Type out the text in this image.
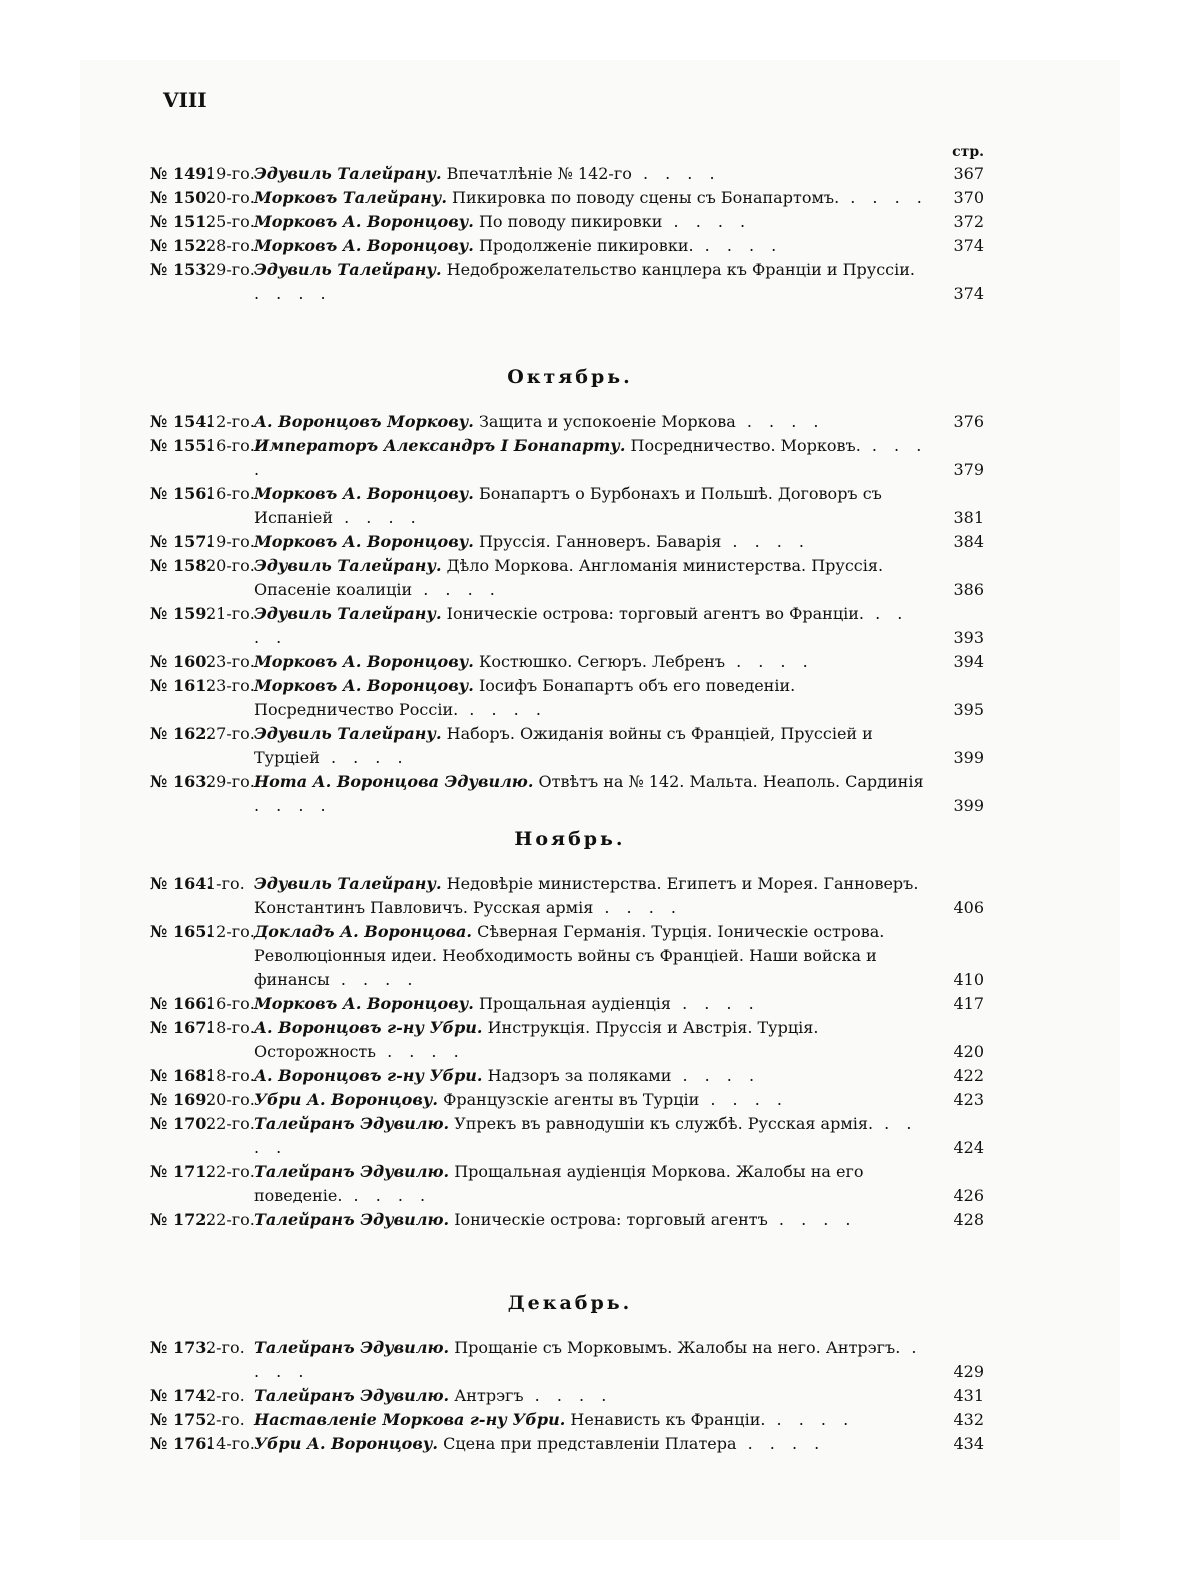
VIII
стр.
№ 149.
19-го. Эдувиль Талейрану. Впечатлѣніе № 142-го . . . .	367
№ 150.
20-го. Морковъ Талейрану. Пикировка по поводу сцены съ Бонапартомъ. . . . .	370
№ 151.
25-го. Морковъ А. Воронцову. По поводу пикировки . . . .	372
№ 152.
28-го. Морковъ А. Воронцову. Продолженіе пикировки. . . . .	374
№ 153.
29-го. Эдувиль Талейрану. Недоброжелательство канцлера къ Франціи и Пруссіи. . . . .	374
Октябрь.
№ 154.
12-го. А. Воронцовъ Моркову. Защита и успокоеніе Моркова . . . .	376
№ 155.
16-го. Императоръ Александръ I Бонапарту. Посредничество. Морковъ. . . . .	379
№ 156.
16-го. Морковъ А. Воронцову. Бонапартъ о Бурбонахъ и Польшѣ. Договоръ съ Испаніей . . . .	381
№ 157.
19-го. Морковъ А. Воронцову. Пруссія. Ганноверъ. Баварія . . . .	384
№ 158.
20-го. Эдувиль Талейрану. Дѣло Моркова. Англоманія министерства. Пруссія. Опасеніе коалиціи . . . .	386
№ 159.
21-го. Эдувиль Талейрану. Іоническіе острова: торговый агентъ во Франціи. . . . .	393
№ 160.
23-го. Морковъ А. Воронцову. Костюшко. Сегюръ. Лебренъ . . . .	394
№ 161.
23-го. Морковъ А. Воронцову. Іосифъ Бонапартъ объ его поведеніи. Посредничество Россіи. . . . .	395
№ 162.
27-го. Эдувиль Талейрану. Наборъ. Ожиданія войны съ Франціей, Пруссіей и Турціей . . . .	399
№ 163.
29-го. Нота А. Воронцова Эдувилю. Отвѣтъ на № 142. Мальта. Неаполь. Сардинія . . . .	399
Ноябрь.
№ 164.
1-го. Эдувиль Талейрану. Недовѣріе министерства. Египетъ и Морея. Ганноверъ. Константинъ Павловичъ. Русская армія . . . .	406
№ 165.
12-го. Докладъ А. Воронцова. Сѣверная Германія. Турція. Іоническіе острова. Революціонныя идеи. Необходимость войны съ Франціей. Наши войска и финансы . . . .	410
№ 166.
16-го. Морковъ А. Воронцову. Прощальная аудіенція . . . .	417
№ 167.
18-го. А. Воронцовъ г-ну Убри. Инструкція. Пруссія и Австрія. Турція. Осторожность . . . .	420
№ 168.
18-го. А. Воронцовъ г-ну Убри. Надзоръ за поляками . . . .	422
№ 169.
20-го. Убри А. Воронцову. Французскіе агенты въ Турціи . . . .	423
№ 170.
22-го. Талейранъ Эдувилю. Упрекъ въ равнодушіи къ службѣ. Русская армія. . . . .	424
№ 171.
22-го. Талейранъ Эдувилю. Прощальная аудіенція Моркова. Жалобы на его поведеніе. . . . .	426
№ 172.
22-го. Талейранъ Эдувилю. Іоническіе острова: торговый агентъ . . . .	428
Декабрь.
№ 173.
2-го. Талейранъ Эдувилю. Прощаніе съ Морковымъ. Жалобы на него. Антрэгъ. . . . .	429
№ 174.
2-го. Талейранъ Эдувилю. Антрэгъ . . . .	431
№ 175.
2-го. Наставленіе Моркова г-ну Убри. Ненависть къ Франціи. . . . .	432
№ 176.
14-го. Убри А. Воронцову. Сцена при представленіи Платера . . . .	434
